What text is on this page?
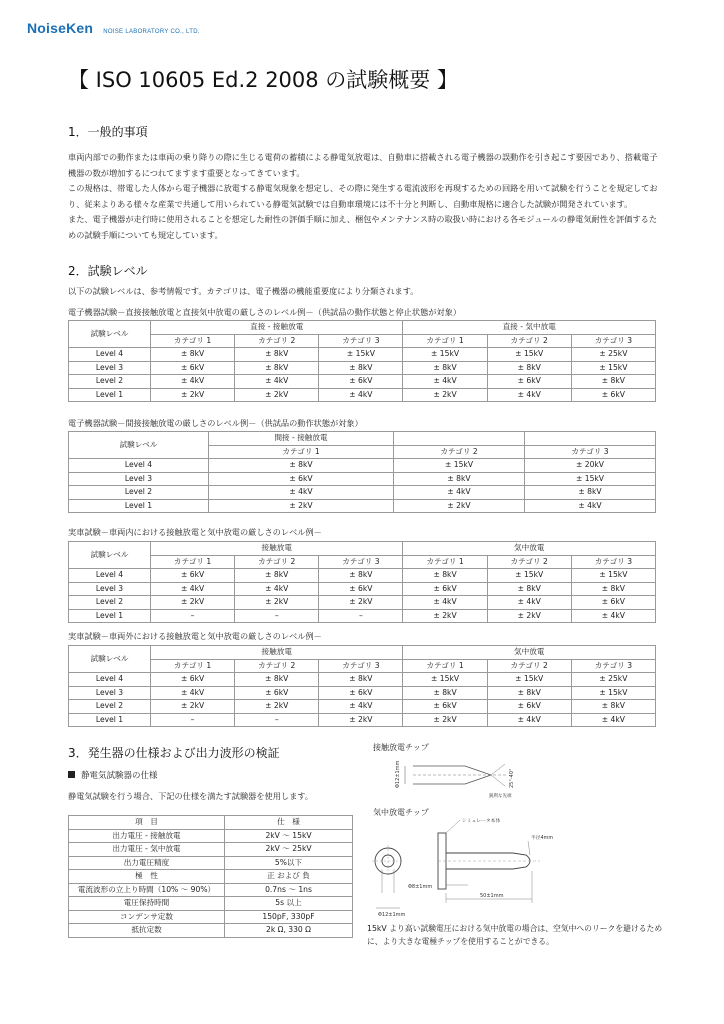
NoiseKen NOISE LABORATORY CO., LTD.
【 ISO 10605 Ed.2 2008 の試験概要 】
1．一般的事項

車両内部での動作または車両の乗り降りの際に生じる電荷の蓄積による静電気放電は、自動車に搭載される電子機器の誤動作を引き起こす要因であり、搭載電子機器の数が増加するにつれてますます重要となってきています。

この規格は、帯電した人体から電子機器に放電する静電気現象を想定し、その際に発生する電流波形を再現するための回路を用いて試験を行うことを規定しており、従来よりある様々な産業で共通して用いられている静電気試験では自動車環境には不十分と判断し、自動車規格に適合した試験が開発されています。

また、電子機器が走行時に使用されることを想定した耐性の評価手順に加え、梱包やメンテナンス時の取扱い時における各モジュールの静電気耐性を評価するための試験手順についても規定しています。

2．試験レベル
以下の試験レベルは、参考情報です。カテゴリは、電子機器の機能重要度により分類されます。
電子機器試験－直接接触放電と直接気中放電の厳しさのレベル例－（供試品の動作状態と停止状態が対象）
試験レベル	直接 - 接触放電			直接 - 気中放電		
	カテゴリ 1	カテゴリ 2	カテゴリ 3	カテゴリ 1	カテゴリ 2	カテゴリ 3
Level 4	± 8kV	± 8kV	± 15kV	± 15kV	± 15kV	± 25kV
Level 3	± 6kV	± 8kV	± 8kV	± 8kV	± 8kV	± 15kV
Level 2	± 4kV	± 4kV	± 6kV	± 4kV	± 6kV	± 8kV
Level 1	± 2kV	± 2kV	± 4kV	± 2kV	± 4kV	± 6kV
電子機器試験－間接接触放電の厳しさのレベル例－（供試品の動作状態が対象）
試験レベル	間接 - 接触放電		
	カテゴリ 1	カテゴリ 2	カテゴリ 3
Level 4	± 8kV	± 15kV	± 20kV
Level 3	± 6kV	± 8kV	± 15kV
Level 2	± 4kV	± 4kV	± 8kV
Level 1	± 2kV	± 2kV	± 4kV
実車試験－車両内における接触放電と気中放電の厳しさのレベル例－
試験レベル	接触放電			気中放電		
	カテゴリ 1	カテゴリ 2	カテゴリ 3	カテゴリ 1	カテゴリ 2	カテゴリ 3
Level 4	± 6kV	± 8kV	± 8kV	± 8kV	± 15kV	± 15kV
Level 3	± 4kV	± 4kV	± 6kV	± 6kV	± 8kV	± 8kV
Level 2	± 2kV	± 2kV	± 2kV	± 4kV	± 4kV	± 6kV
Level 1	–	–	–	± 2kV	± 2kV	± 4kV
実車試験－車両外における接触放電と気中放電の厳しさのレベル例－
試験レベル	接触放電			気中放電		
	カテゴリ 1	カテゴリ 2	カテゴリ 3	カテゴリ 1	カテゴリ 2	カテゴリ 3
Level 4	± 6kV	± 8kV	± 8kV	± 15kV	± 15kV	± 25kV
Level 3	± 4kV	± 6kV	± 6kV	± 8kV	± 8kV	± 15kV
Level 2	± 2kV	± 2kV	± 4kV	± 6kV	± 6kV	± 8kV
Level 1	–	–	± 2kV	± 2kV	± 4kV	± 4kV
3．発生器の仕様および出力波形の検証
静電気試験器の仕様
静電気試験を行う場合、下記の仕様を満たす試験器を使用します。
項　目	仕　様
出力電圧 - 接触放電	2kV ～ 15kV
出力電圧 - 気中放電	2kV ～ 25kV
出力電圧精度	5%以下
極　性	正 および 負
電流波形の立上り時間（10% ～ 90%）	0.7ns ～ 1ns
電圧保持時間	5s 以上
コンデンサ定数	150pF, 330pF
抵抗定数	2k Ω, 330 Ω
接触放電チップ
Φ12±1mm	25°-40°
鋭利な先端
気中放電チップ
Φ12±1mm
シミュレータ本体
半径4mm
Φ8±1mm
50±1mm
15kV より高い試験電圧における気中放電の場合は、空気中へのリークを避けるために、より大きな電極チップを使用することができる。
